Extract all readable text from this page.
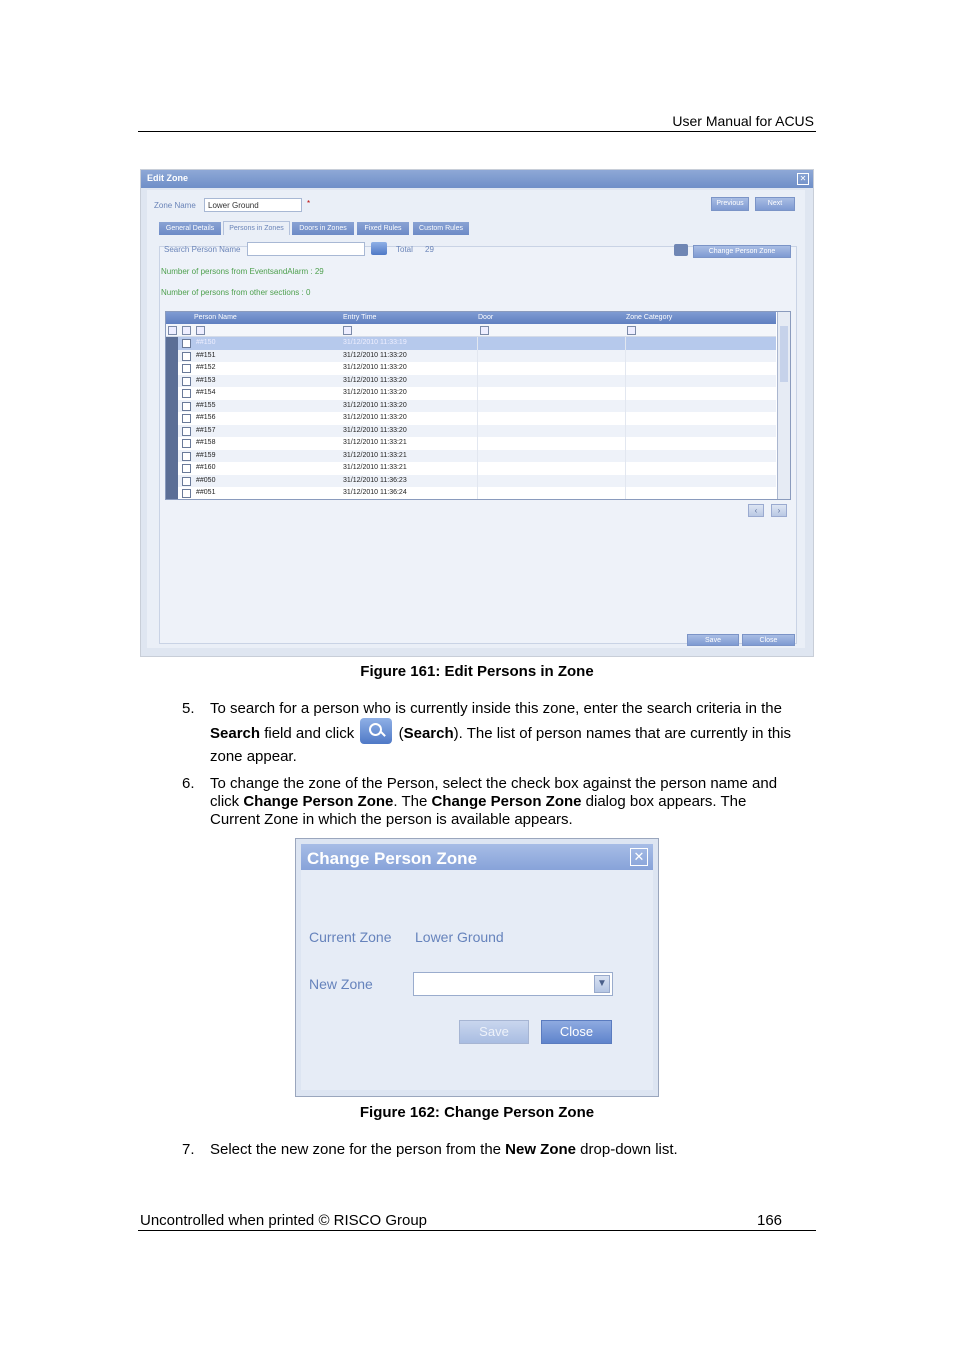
User Manual for ACUS
Edit Zone	✕
Zone Name	Lower Ground	*	Previous	Next
General Details	Persons in Zones	Doors in Zones	Fixed Rules	Custom Rules
Search Person Name	Total 29	Change Person Zone
Number of persons from EventsandAlarm : 29
Number of persons from other sections : 0
Person Name	Entry Time	Door	Zone Category
##150	31/12/2010 11:33:19
##151	31/12/2010 11:33:20
##152	31/12/2010 11:33:20
##153	31/12/2010 11:33:20
##154	31/12/2010 11:33:20
##155	31/12/2010 11:33:20
##156	31/12/2010 11:33:20
##157	31/12/2010 11:33:20
##158	31/12/2010 11:33:21
##159	31/12/2010 11:33:21
##160	31/12/2010 11:33:21
##050	31/12/2010 11:36:23
##051	31/12/2010 11:36:24
‹	›
Save	Close
Figure 161: Edit Persons in Zone
5. To search for a person who is currently inside this zone, enter the search criteria in the
Search field and click	(Search). The list of person names that are currently in this
zone appear.
6. To change the zone of the Person, select the check box against the person name and
click Change Person Zone. The Change Person Zone dialog box appears. The
Current Zone in which the person is available appears.
Change Person Zone	✕
Current Zone Lower Ground
New Zone	▼
Save	Close
Figure 162: Change Person Zone
7. Select the new zone for the person from the New Zone drop-down list.
Uncontrolled when printed © RISCO Group	166
